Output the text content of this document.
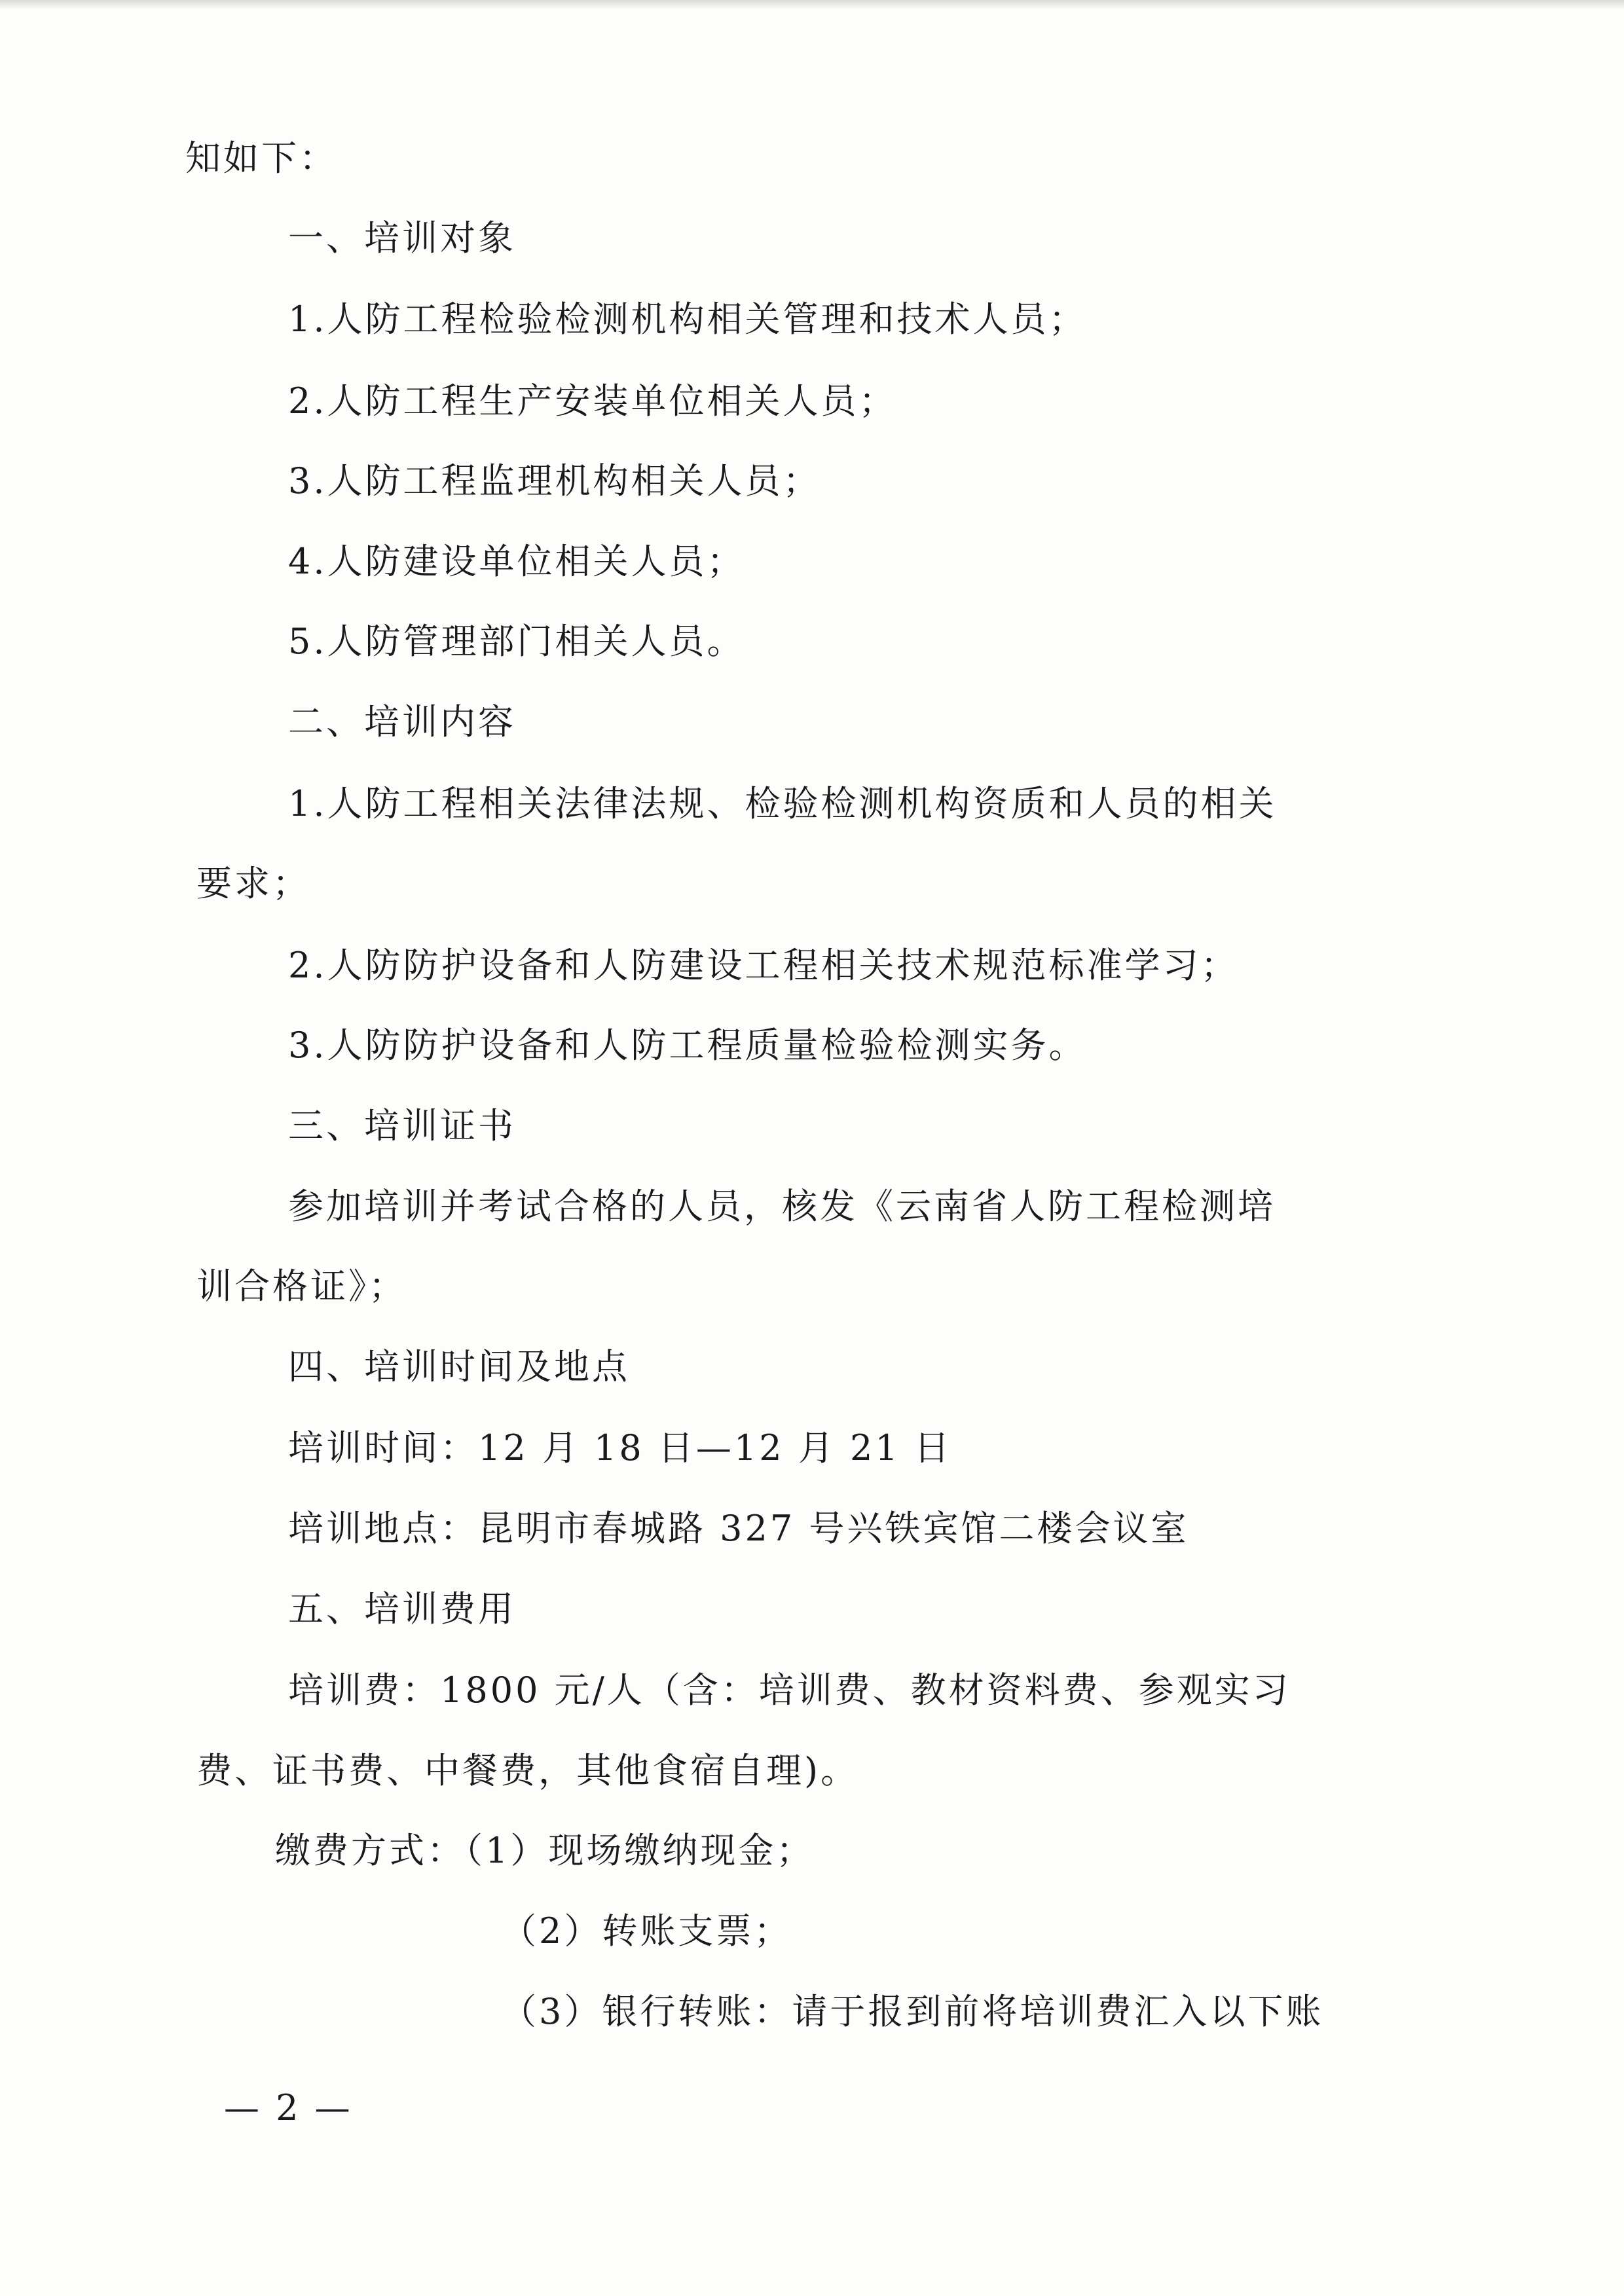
知如下：
一、培训对象
1.人防工程检验检测机构相关管理和技术人员；
2.人防工程生产安装单位相关人员；
3.人防工程监理机构相关人员；
4.人防建设单位相关人员；
5.人防管理部门相关人员。
二、培训内容
1.人防工程相关法律法规、检验检测机构资质和人员的相关
要求；
2.人防防护设备和人防建设工程相关技术规范标准学习；
3.人防防护设备和人防工程质量检验检测实务。
三、培训证书
参加培训并考试合格的人员，核发《云南省人防工程检测培
训合格证》；
四、培训时间及地点
培训时间：12 月 18 日—12 月 21 日
培训地点：昆明市春城路 327 号兴铁宾馆二楼会议室
五、培训费用
培训费：1800 元/人（含：培训费、教材资料费、参观实习
费、证书费、中餐费，其他食宿自理)。
缴费方式：（1）现场缴纳现金；
（2）转账支票；
（3）银行转账：请于报到前将培训费汇入以下账
— 2 —
